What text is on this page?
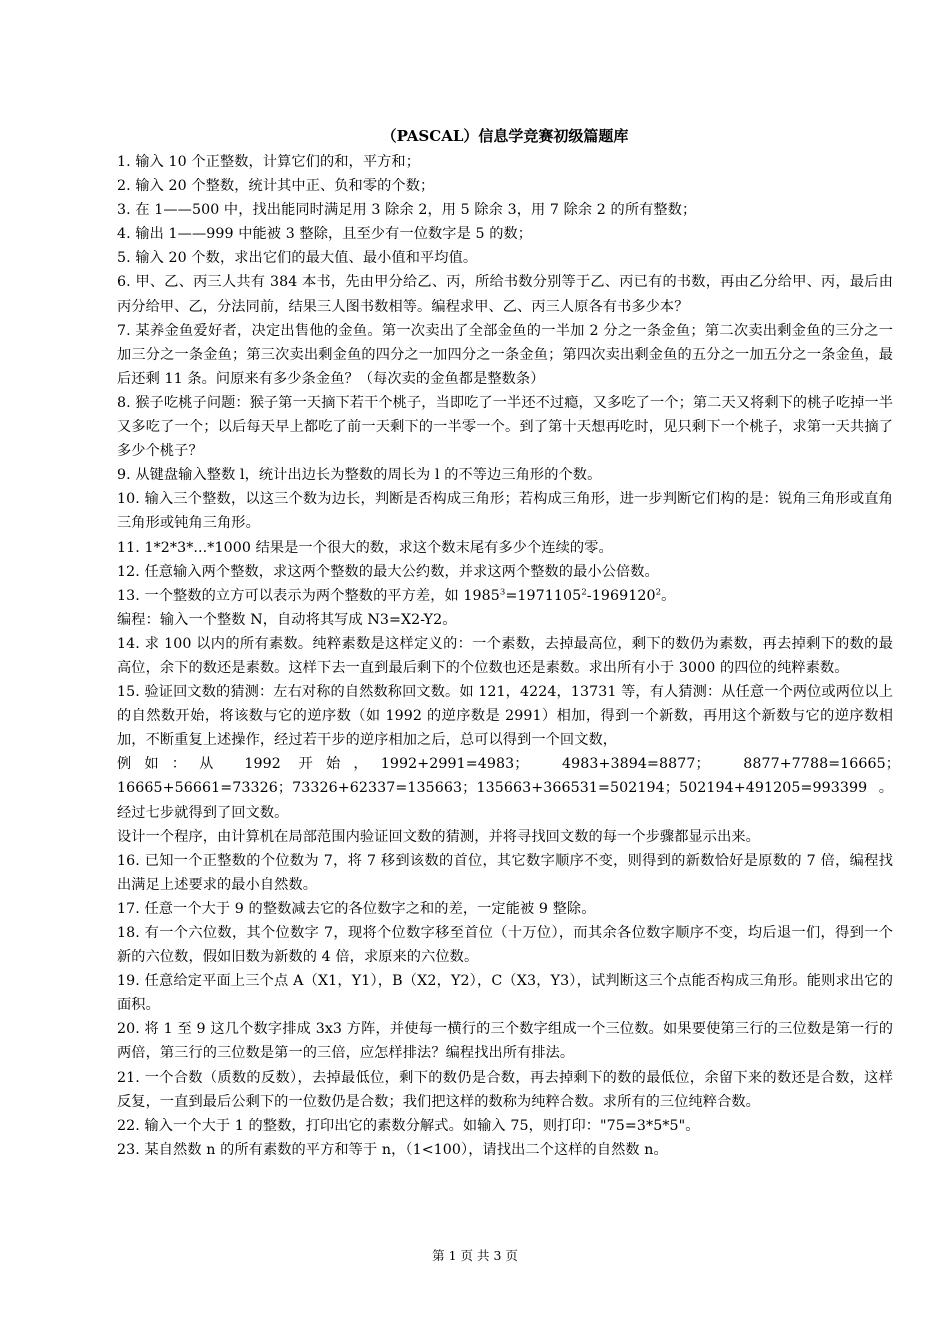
（PASCAL）信息学竞赛初级篇题库

1. 输入 10 个正整数，计算它们的和，平方和；

2. 输入 20 个整数，统计其中正、负和零的个数；

3. 在 1——500 中，找出能同时满足用 3 除余 2，用 5 除余 3，用 7 除余 2 的所有整数；

4. 输出 1——999 中能被 3 整除，且至少有一位数字是 5 的数；

5. 输入 20 个数，求出它们的最大值、最小值和平均值。

6. 甲、乙、丙三人共有 384 本书，先由甲分给乙、丙，所给书数分别等于乙、丙已有的书数，再由乙分给甲、丙，最后由丙分给甲、乙，分法同前，结果三人图书数相等。编程求甲、乙、丙三人原各有书多少本？

7. 某养金鱼爱好者，决定出售他的金鱼。第一次卖出了全部金鱼的一半加 2 分之一条金鱼；第二次卖出剩金鱼的三分之一加三分之一条金鱼；第三次卖出剩金鱼的四分之一加四分之一条金鱼；第四次卖出剩金鱼的五分之一加五分之一条金鱼，最后还剩 11 条。问原来有多少条金鱼？（每次卖的金鱼都是整数条）

8. 猴子吃桃子问题：猴子第一天摘下若干个桃子，当即吃了一半还不过瘾，又多吃了一个；第二天又将剩下的桃子吃掉一半又多吃了一个；以后每天早上都吃了前一天剩下的一半零一个。到了第十天想再吃时，见只剩下一个桃子，求第一天共摘了多少个桃子？

9. 从键盘输入整数 l，统计出边长为整数的周长为 l 的不等边三角形的个数。

10. 输入三个整数，以这三个数为边长，判断是否构成三角形；若构成三角形，进一步判断它们构的是：锐角三角形或直角三角形或钝角三角形。

11. 1*2*3*...*1000 结果是一个很大的数，求这个数末尾有多少个连续的零。

12. 任意输入两个整数，求这两个整数的最大公约数，并求这两个整数的最小公倍数。

13. 一个整数的立方可以表示为两个整数的平方差，如 $1985^3=1971105^2-1969120^2$。

编程：输入一个整数 N，自动将其写成 N3=X2-Y2。

14. 求 100 以内的所有素数。纯粹素数是这样定义的：一个素数，去掉最高位，剩下的数仍为素数，再去掉剩下的数的最高位，余下的数还是素数。这样下去一直到最后剩下的个位数也还是素数。求出所有小于 3000 的四位的纯粹素数。

15. 验证回文数的猜测：左右对称的自然数称回文数。如 121，4224，13731 等，有人猜测：从任意一个两位或两位以上的自然数开始，将该数与它的逆序数（如 1992 的逆序数是 2991）相加，得到一个新数，再用这个新数与它的逆序数相加，不断重复上述操作，经过若干步的逆序相加之后，总可以得到一个回文数，

例如：从 1992 开始，1992+2991=4983；　4983+3894=8877；　8877+7788=16665；　16665+56661=73326；73326+62337=135663；135663+366531=502194；502194+491205=993399。经过七步就得到了回文数。

设计一个程序，由计算机在局部范围内验证回文数的猜测，并将寻找回文数的每一个步骤都显示出来。

16. 已知一个正整数的个位数为 7，将 7 移到该数的首位，其它数字顺序不变，则得到的新数恰好是原数的 7 倍，编程找出满足上述要求的最小自然数。

17. 任意一个大于 9 的整数减去它的各位数字之和的差，一定能被 9 整除。

18. 有一个六位数，其个位数字 7，现将个位数字移至首位（十万位），而其余各位数字顺序不变，均后退一们，得到一个新的六位数，假如旧数为新数的 4 倍，求原来的六位数。

19. 任意给定平面上三个点 A（X1，Y1），B（X2，Y2），C（X3，Y3），试判断这三个点能否构成三角形。能则求出它的面积。

20. 将 1 至 9 这几个数字排成 3x3 方阵，并使每一横行的三个数字组成一个三位数。如果要使第三行的三位数是第一行的两倍，第三行的三位数是第一的三倍，应怎样排法？编程找出所有排法。

21. 一个合数（质数的反数），去掉最低位，剩下的数仍是合数，再去掉剩下的数的最低位，余留下来的数还是合数，这样反复，一直到最后公剩下的一位数仍是合数；我们把这样的数称为纯粹合数。求所有的三位纯粹合数。

22. 输入一个大于 1 的整数，打印出它的素数分解式。如输入 75，则打印："75=3*5*5"。

23. 某自然数 n 的所有素数的平方和等于 n，（1<100），请找出二个这样的自然数 n。

第 1 页 共 3 页
